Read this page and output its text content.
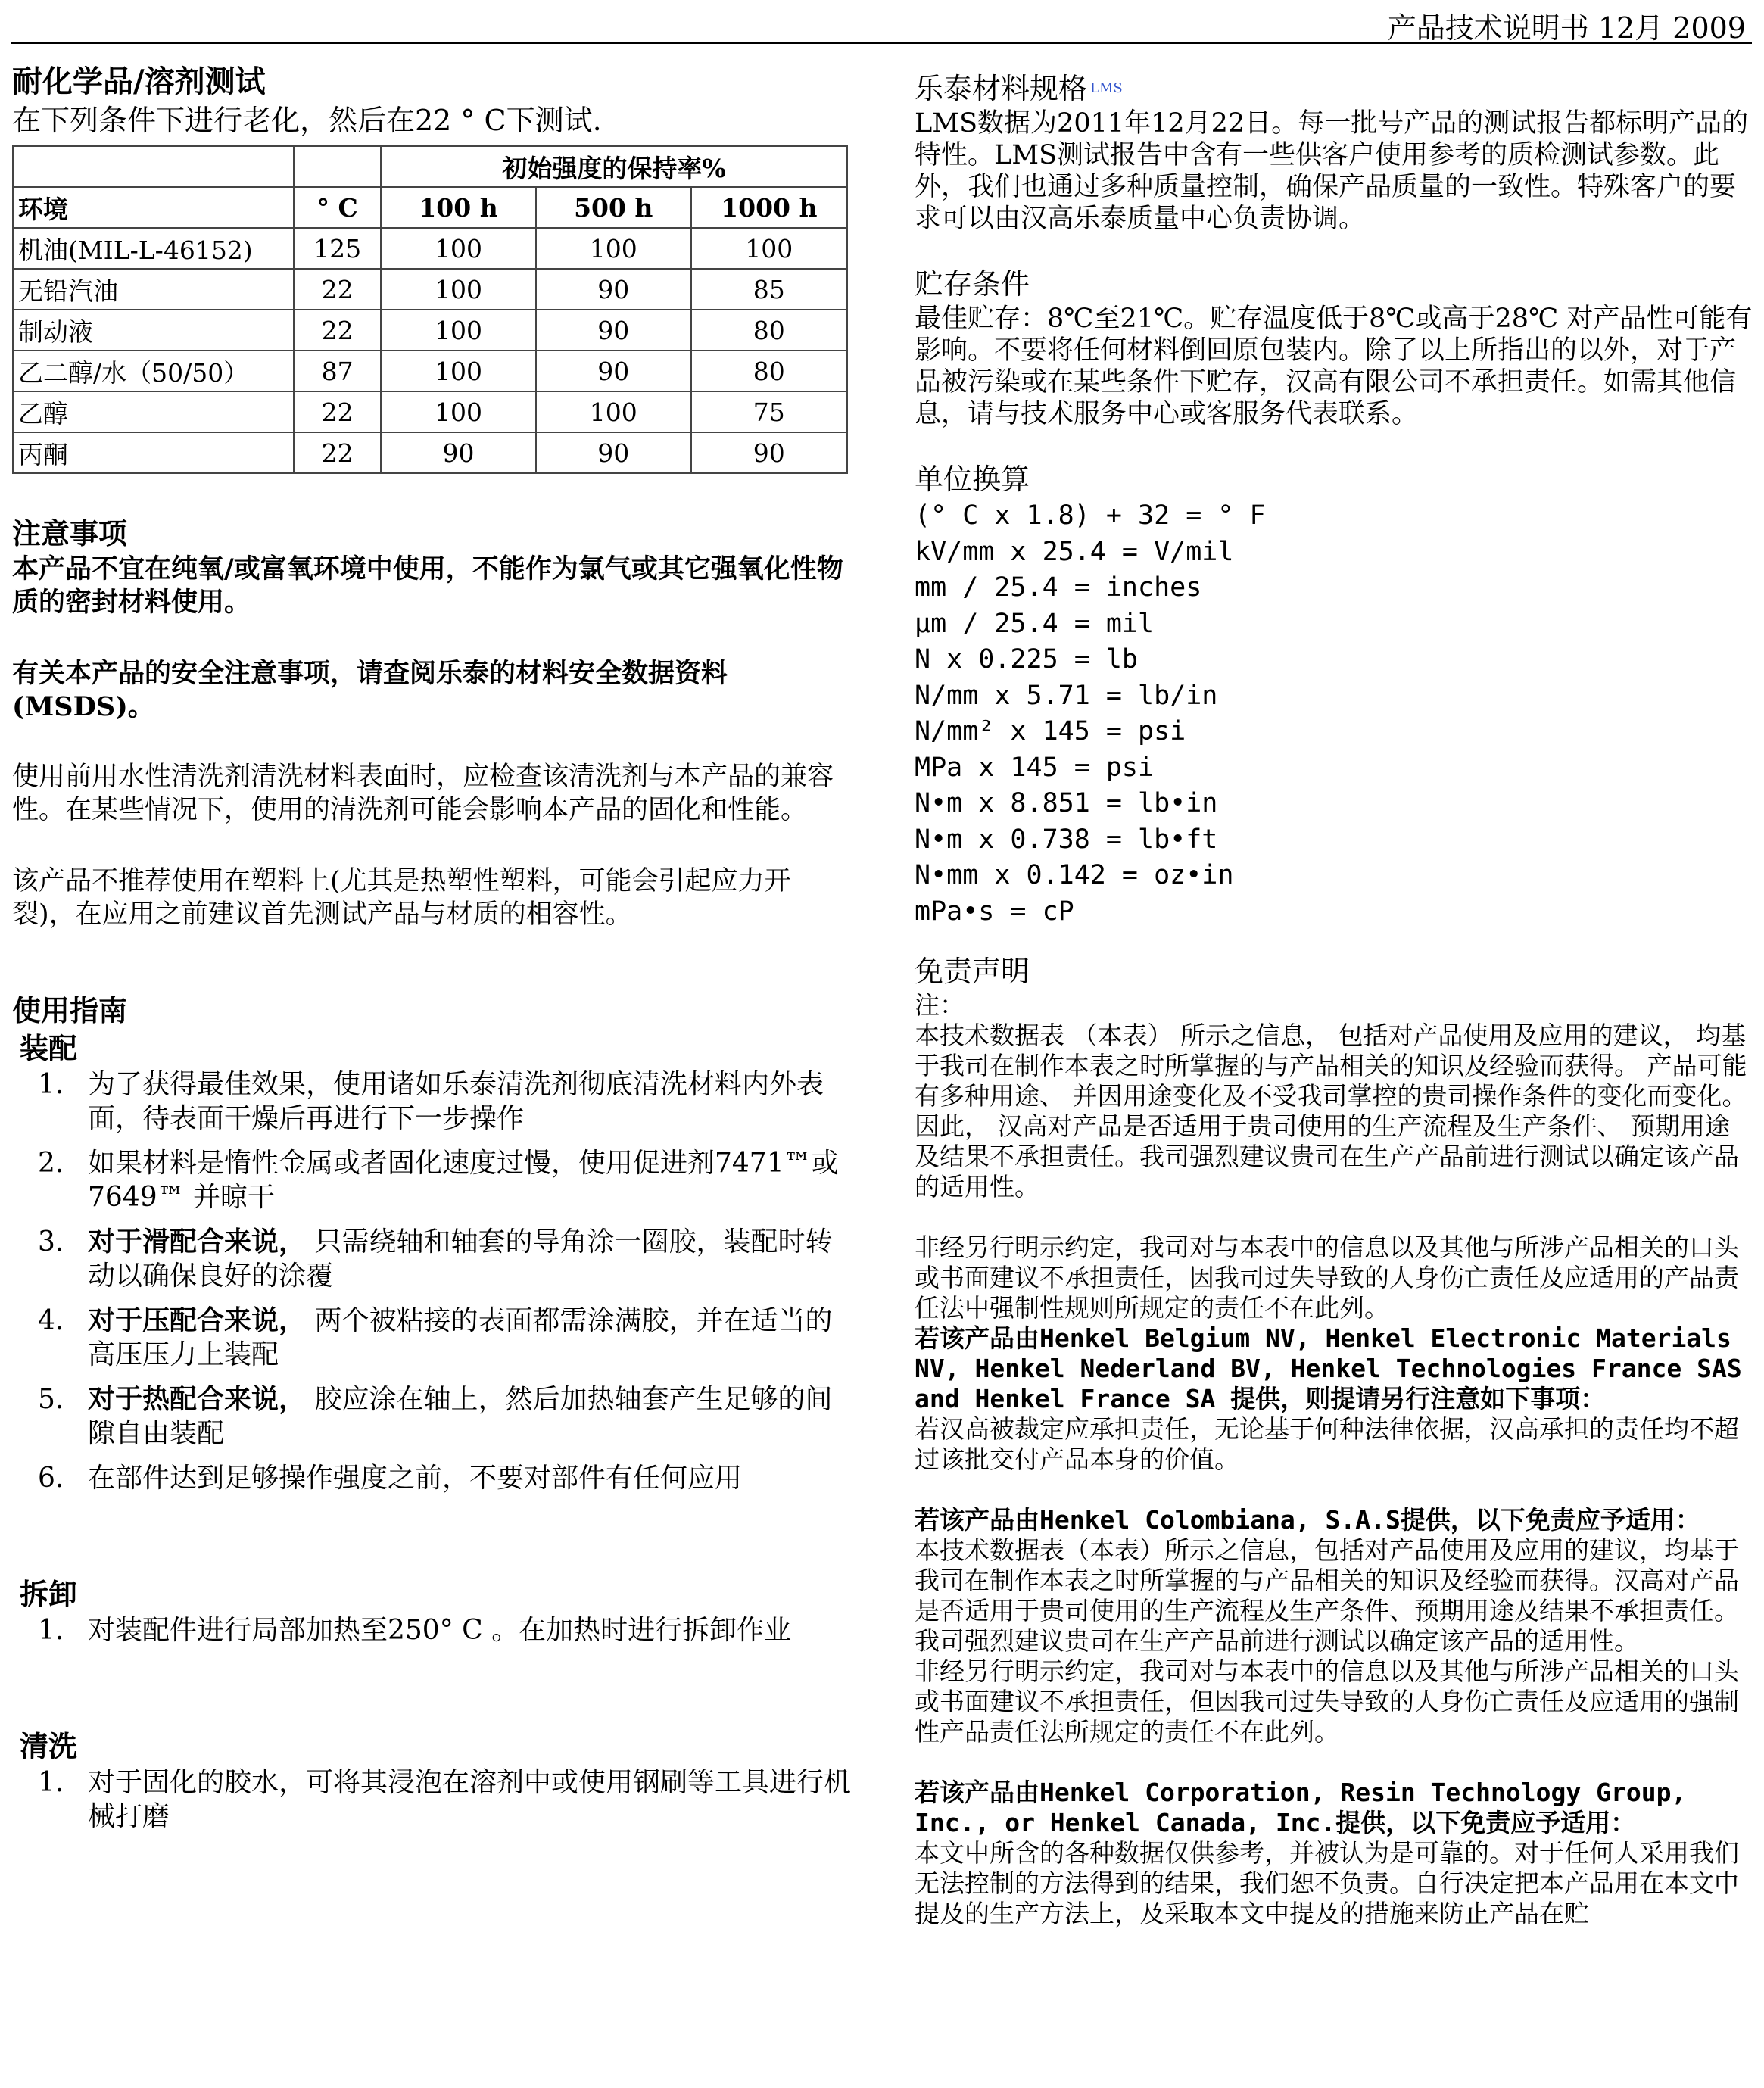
产品技术说明书 12月 2009
耐化学品/溶剂测试
在下列条件下进行老化，然后在22 ° C下测试.
		初始强度的保持率%		
环境	° C	100 h	500 h	1000 h
机油(MIL-L-46152)	125	100	100	100
无铅汽油	22	100	90	85
制动液	22	100	90	80
乙二醇/水（50/50）	87	100	90	80
乙醇	22	100	100	75
丙酮	22	90	90	90
注意事项
本产品不宜在纯氧/或富氧环境中使用，不能作为氯气或其它强氧化性物质的密封材料使用。
有关本产品的安全注意事项，请查阅乐泰的材料安全数据资料(MSDS)。
使用前用水性清洗剂清洗材料表面时，应检查该清洗剂与本产品的兼容性。在某些情况下，使用的清洗剂可能会影响本产品的固化和性能。
该产品不推荐使用在塑料上(尤其是热塑性塑料，可能会引起应力开裂)，在应用之前建议首先测试产品与材质的相容性。
使用指南
装配
1. 为了获得最佳效果，使用诸如乐泰清洗剂彻底清洗材料内外表面，待表面干燥后再进行下一步操作
2. 如果材料是惰性金属或者固化速度过慢，使用促进剂7471™或7649™ 并晾干
3. 对于滑配合来说， 只需绕轴和轴套的导角涂一圈胶，装配时转动以确保良好的涂覆
4. 对于压配合来说， 两个被粘接的表面都需涂满胶，并在适当的高压压力上装配
5. 对于热配合来说， 胶应涂在轴上，然后加热轴套产生足够的间隙自由装配
6. 在部件达到足够操作强度之前，不要对部件有任何应用
拆卸
1. 对装配件进行局部加热至250° C 。在加热时进行拆卸作业
清洗
1. 对于固化的胶水，可将其浸泡在溶剂中或使用钢刷等工具进行机械打磨
乐泰材料规格 $^{LMS}$
LMS数据为2011年12月22日。每一批号产品的测试报告都标明产品的特性。LMS测试报告中含有一些供客户使用参考的质检测试参数。此外，我们也通过多种质量控制，确保产品质量的一致性。特殊客户的要求可以由汉高乐泰质量中心负责协调。
贮存条件
最佳贮存：8℃至21℃。贮存温度低于8℃或高于28℃ 对产品性可能有影响。不要将任何材料倒回原包装内。除了以上所指出的以外，对于产品被污染或在某些条件下贮存，汉高有限公司不承担责任。如需其他信息，请与技术服务中心或客服务代表联系。
单位换算
(° C x 1.8) + 32 = ° F
kV/mm x 25.4 = V/mil
mm / 25.4 = inches
μm / 25.4 = mil
N x 0.225 = lb
N/mm x 5.71 = lb/in
N/mm² x 145 = psi
MPa x 145 = psi
N•m x 8.851 = lb•in
N•m x 0.738 = lb•ft
N•mm x 0.142 = oz•in
mPa•s = cP
免责声明
注：
本技术数据表 （本表） 所示之信息， 包括对产品使用及应用的建议， 均基于我司在制作本表之时所掌握的与产品相关的知识及经验而获得。 产品可能有多种用途、 并因用途变化及不受我司掌控的贵司操作条件的变化而变化。 因此， 汉高对产品是否适用于贵司使用的生产流程及生产条件、 预期用途及结果不承担责任。我司强烈建议贵司在生产产品前进行测试以确定该产品的适用性。
非经另行明示约定，我司对与本表中的信息以及其他与所涉产品相关的口头或书面建议不承担责任，因我司过失导致的人身伤亡责任及应适用的产品责任法中强制性规则所规定的责任不在此列。
若该产品由Henkel Belgium NV, Henkel Electronic Materials NV, Henkel Nederland BV, Henkel Technologies France SAS and Henkel France SA 提供，则提请另行注意如下事项：
若汉高被裁定应承担责任，无论基于何种法律依据，汉高承担的责任均不超过该批交付产品本身的价值。
若该产品由Henkel Colombiana, S.A.S提供，以下免责应予适用：
本技术数据表（本表）所示之信息，包括对产品使用及应用的建议，均基于我司在制作本表之时所掌握的与产品相关的知识及经验而获得。汉高对产品是否适用于贵司使用的生产流程及生产条件、预期用途及结果不承担责任。我司强烈建议贵司在生产产品前进行测试以确定该产品的适用性。
非经另行明示约定，我司对与本表中的信息以及其他与所涉产品相关的口头或书面建议不承担责任，但因我司过失导致的人身伤亡责任及应适用的强制性产品责任法所规定的责任不在此列。
若该产品由Henkel Corporation, Resin Technology Group, Inc., or Henkel Canada, Inc.提供，以下免责应予适用：
本文中所含的各种数据仅供参考，并被认为是可靠的。对于任何人采用我们无法控制的方法得到的结果，我们恕不负责。自行决定把本产品用在本文中提及的生产方法上，及采取本文中提及的措施来防止产品在贮
